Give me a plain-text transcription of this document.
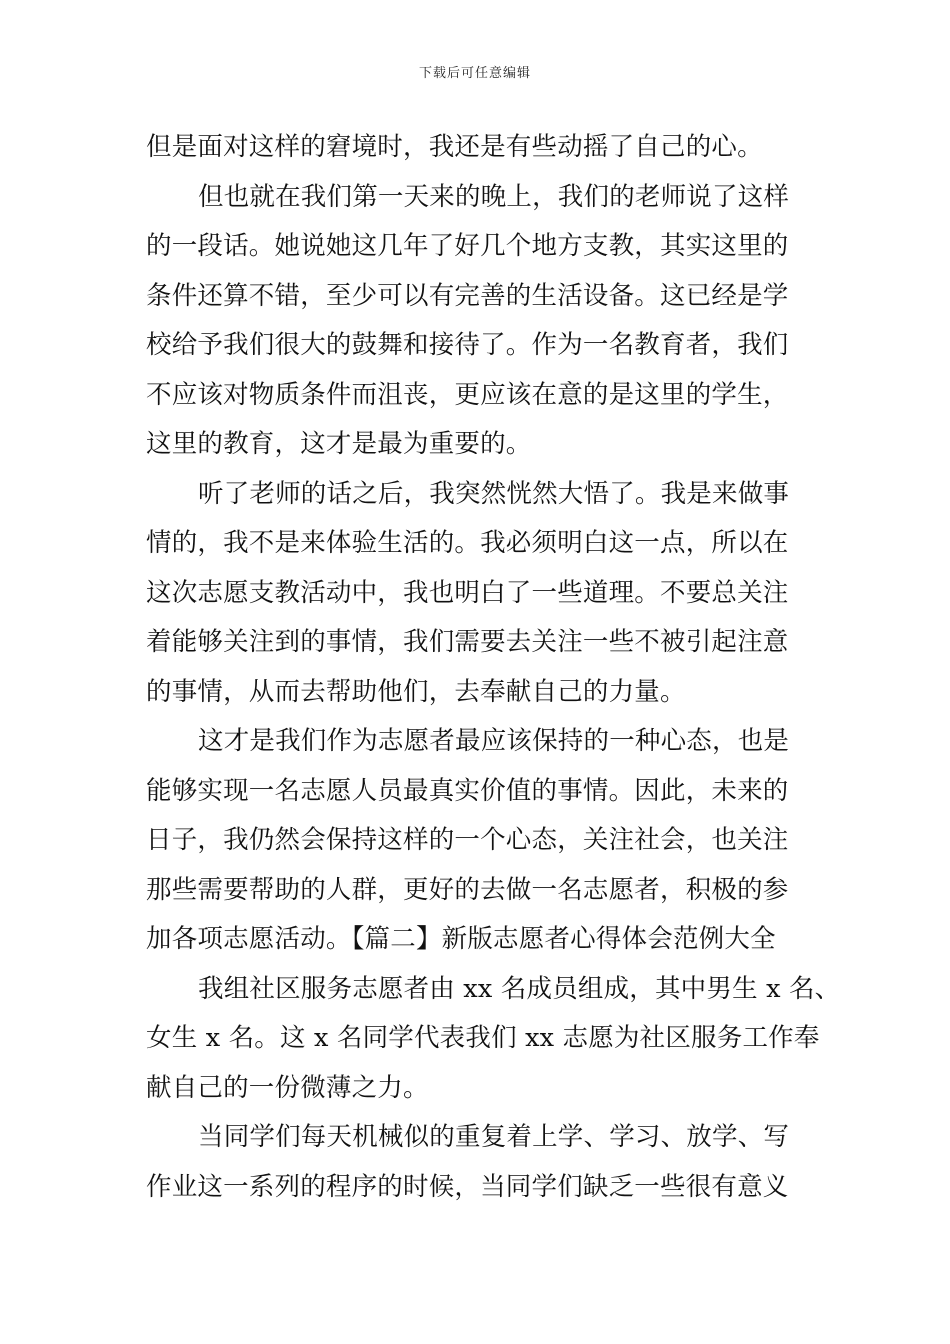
下载后可任意编辑
但是面对这样的窘境时，我还是有些动摇了自己的心。
但也就在我们第一天来的晚上，我们的老师说了这样
的一段话。她说她这几年了好几个地方支教，其实这里的
条件还算不错，至少可以有完善的生活设备。这已经是学
校给予我们很大的鼓舞和接待了。作为一名教育者，我们
不应该对物质条件而沮丧，更应该在意的是这里的学生，
这里的教育，这才是最为重要的。
听了老师的话之后，我突然恍然大悟了。我是来做事
情的，我不是来体验生活的。我必须明白这一点，所以在
这次志愿支教活动中，我也明白了一些道理。不要总关注
着能够关注到的事情，我们需要去关注一些不被引起注意
的事情，从而去帮助他们，去奉献自己的力量。
这才是我们作为志愿者最应该保持的一种心态，也是
能够实现一名志愿人员最真实价值的事情。因此，未来的
日子，我仍然会保持这样的一个心态，关注社会，也关注
那些需要帮助的人群，更好的去做一名志愿者，积极的参
加各项志愿活动。【篇二】新版志愿者心得体会范例大全
我组社区服务志愿者由 xx 名成员组成，其中男生 x 名、
女生 x 名。这 x 名同学代表我们 xx 志愿为社区服务工作奉
献自己的一份微薄之力。
当同学们每天机械似的重复着上学、学习、放学、写
作业这一系列的程序的时候，当同学们缺乏一些很有意义
